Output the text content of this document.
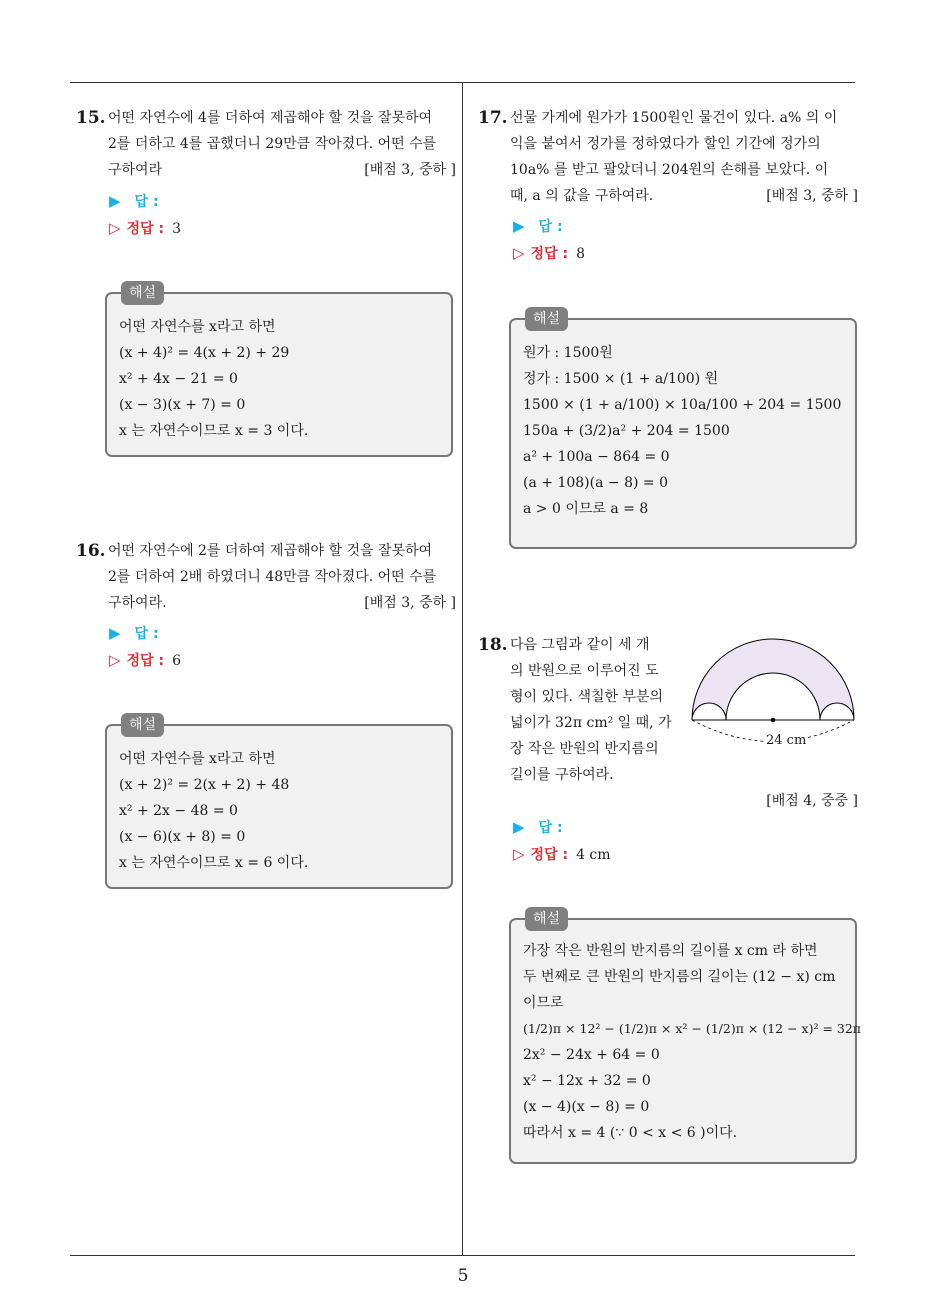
15. 어떤 자연수에 4를 더하여 제곱해야 할 것을 잘못하여
2를 더하고 4를 곱했더니 29만큼 작아졌다. 어떤 수를
구하여라	[배점 3, 중하 ]
▶ 답 :
▷ 정답 : 3
해설
어떤 자연수를 x라고 하면
(x + 4)² = 4(x + 2) + 29
x² + 4x − 21 = 0
(x − 3)(x + 7) = 0
x 는 자연수이므로 x = 3 이다.
16. 어떤 자연수에 2를 더하여 제곱해야 할 것을 잘못하여
2를 더하여 2배 하였더니 48만큼 작아졌다. 어떤 수를
구하여라.	[배점 3, 중하 ]
▶ 답 :
▷ 정답 : 6
해설
어떤 자연수를 x라고 하면
(x + 2)² = 2(x + 2) + 48
x² + 2x − 48 = 0
(x − 6)(x + 8) = 0
x 는 자연수이므로 x = 6 이다.
17. 선물 가게에 원가가 1500원인 물건이 있다. a% 의 이
익을 붙여서 정가를 정하였다가 할인 기간에 정가의
10a% 를 받고 팔았더니 204원의 손해를 보았다. 이
때, a 의 값을 구하여라.	[배점 3, 중하 ]
▶ 답 :
▷ 정답 : 8
해설
원가 : 1500원
정가 : 1500 × (1 + a/100) 원
1500 × (1 + a/100) × 10a/100 + 204 = 1500
150a + (3/2)a² + 204 = 1500
a² + 100a − 864 = 0
(a + 108)(a − 8) = 0
a > 0 이므로 a = 8
18. 다음 그림과 같이 세 개
의 반원으로 이루어진 도
형이 있다. 색칠한 부분의
넓이가 32π cm² 일 때, 가
장 작은 반원의 반지름의
길이를 구하여라.
[배점 4, 중중 ]
24 cm
▶ 답 :
▷ 정답 : 4 cm
해설
가장 작은 반원의 반지름의 길이를 x cm 라 하면
두 번째로 큰 반원의 반지름의 길이는 (12 − x) cm
이므로
(1/2)π × 12² − (1/2)π × x² − (1/2)π × (12 − x)² = 32π
2x² − 24x + 64 = 0
x² − 12x + 32 = 0
(x − 4)(x − 8) = 0
따라서 x = 4 (∵ 0 < x < 6 )이다.
5
